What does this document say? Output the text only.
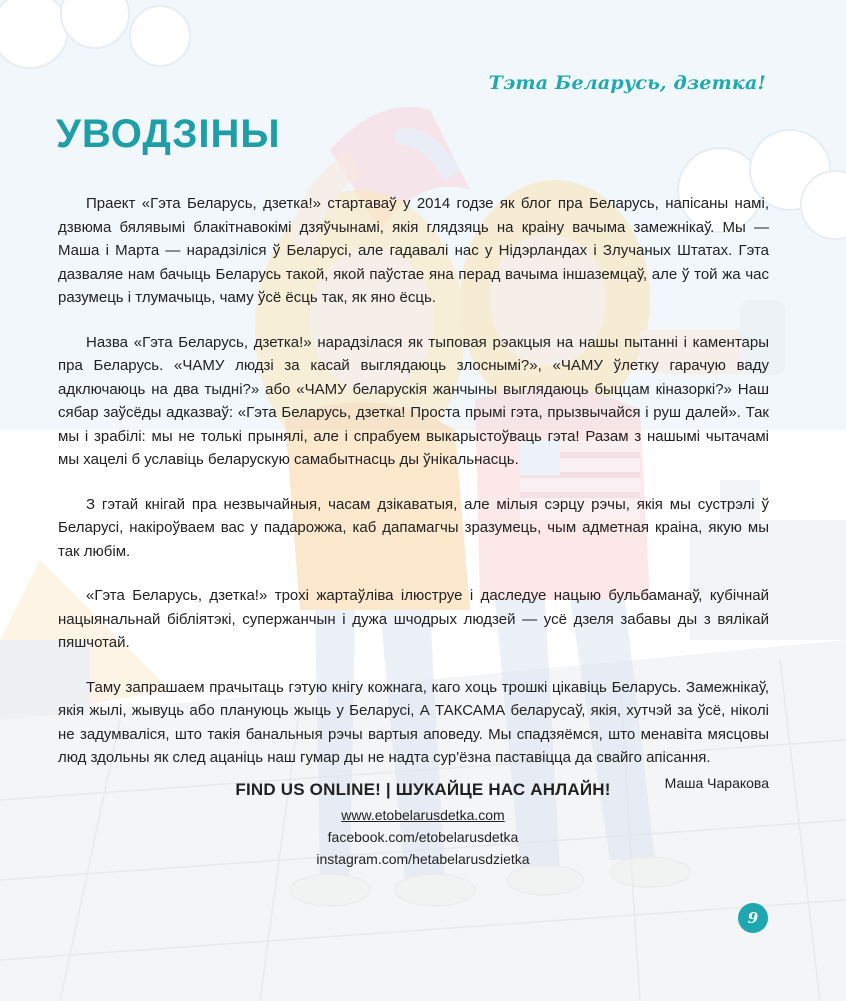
Тэта Беларусь, дзетка!
УВОДЗІНЫ

Праект «Гэта Беларусь, дзетка!» стартаваў у 2014 годзе як блог пра Беларусь, напісаны намі, дзвюма бялявымі блакітнавокімі дзяўчынамі, якія глядзяць на краіну вачыма замежнікаў. Мы — Маша і Марта — нарадзіліся ў Беларусі, але гадавалі нас у Нідэрландах і Злучаных Штатах. Гэта дазваляе нам бачыць Беларусь такой, якой паўстае яна перад вачыма іншаземцаў, але ў той жа час разумець і тлумачыць, чаму ўсё ёсць так, як яно ёсць.

Назва «Гэта Беларусь, дзетка!» нарадзілася як тыповая рэакцыя на нашы пытанні і каментары пра Беларусь. «ЧАМУ людзі за касай выглядаюць злоснымі?», «ЧАМУ ўлетку гарачую ваду адключаюць на два тыдні?» або «ЧАМУ беларускія жанчыны выглядаюць быццам кіназоркі?» Наш сябар заўсёды адказваў: «Гэта Беларусь, дзетка! Проста прымі гэта, прызвычайся і руш далей». Так мы і зрабілі: мы не толькі прынялі, але і спрабуем выкарыстоўваць гэта! Разам з нашымі чытачамі мы хацелі б уславіць беларускую самабытнасць ды ўнікальнасць.

З гэтай кнігай пра незвычайныя, часам дзікаватыя, але мілыя сэрцу рэчы, якія мы сустрэлі ў Беларусі, накіроўваем вас у падарожжа, каб дапамагчы зразумець, чым адметная краіна, якую мы так любім.

«Гэта Беларусь, дзетка!» трохі жартаўліва ілюструе і даследуе нацыю бульбаманаў, кубічнай нацыянальнай бібліятэкі, супержанчын і дужа шчодрых людзей — усё дзеля забавы ды з вялікай пяшчотай.

Таму запрашаем прачытаць гэтую кнігу кожнага, каго хоць трошкі цікавіць Беларусь. Замежнікаў, якія жылі, жывуць або плануюць жыць у Беларусі, А ТАКСАМА беларусаў, якія, хутчэй за ўсё, ніколі не задумваліся, што такія банальныя рэчы вартыя аповеду. Мы спадзяёмся, што менавіта мясцовы люд здольны як след ацаніць наш гумар ды не надта сур'ёзна паставіцца да свайго апісання.

Маша Чаракова
FIND US ONLINE! | ШУКАЙЦЕ НАС АНЛАЙН!
www.etobelarusdetka.com
facebook.com/etobelarusdetka
instagram.com/hetabelarusdzietka
9
